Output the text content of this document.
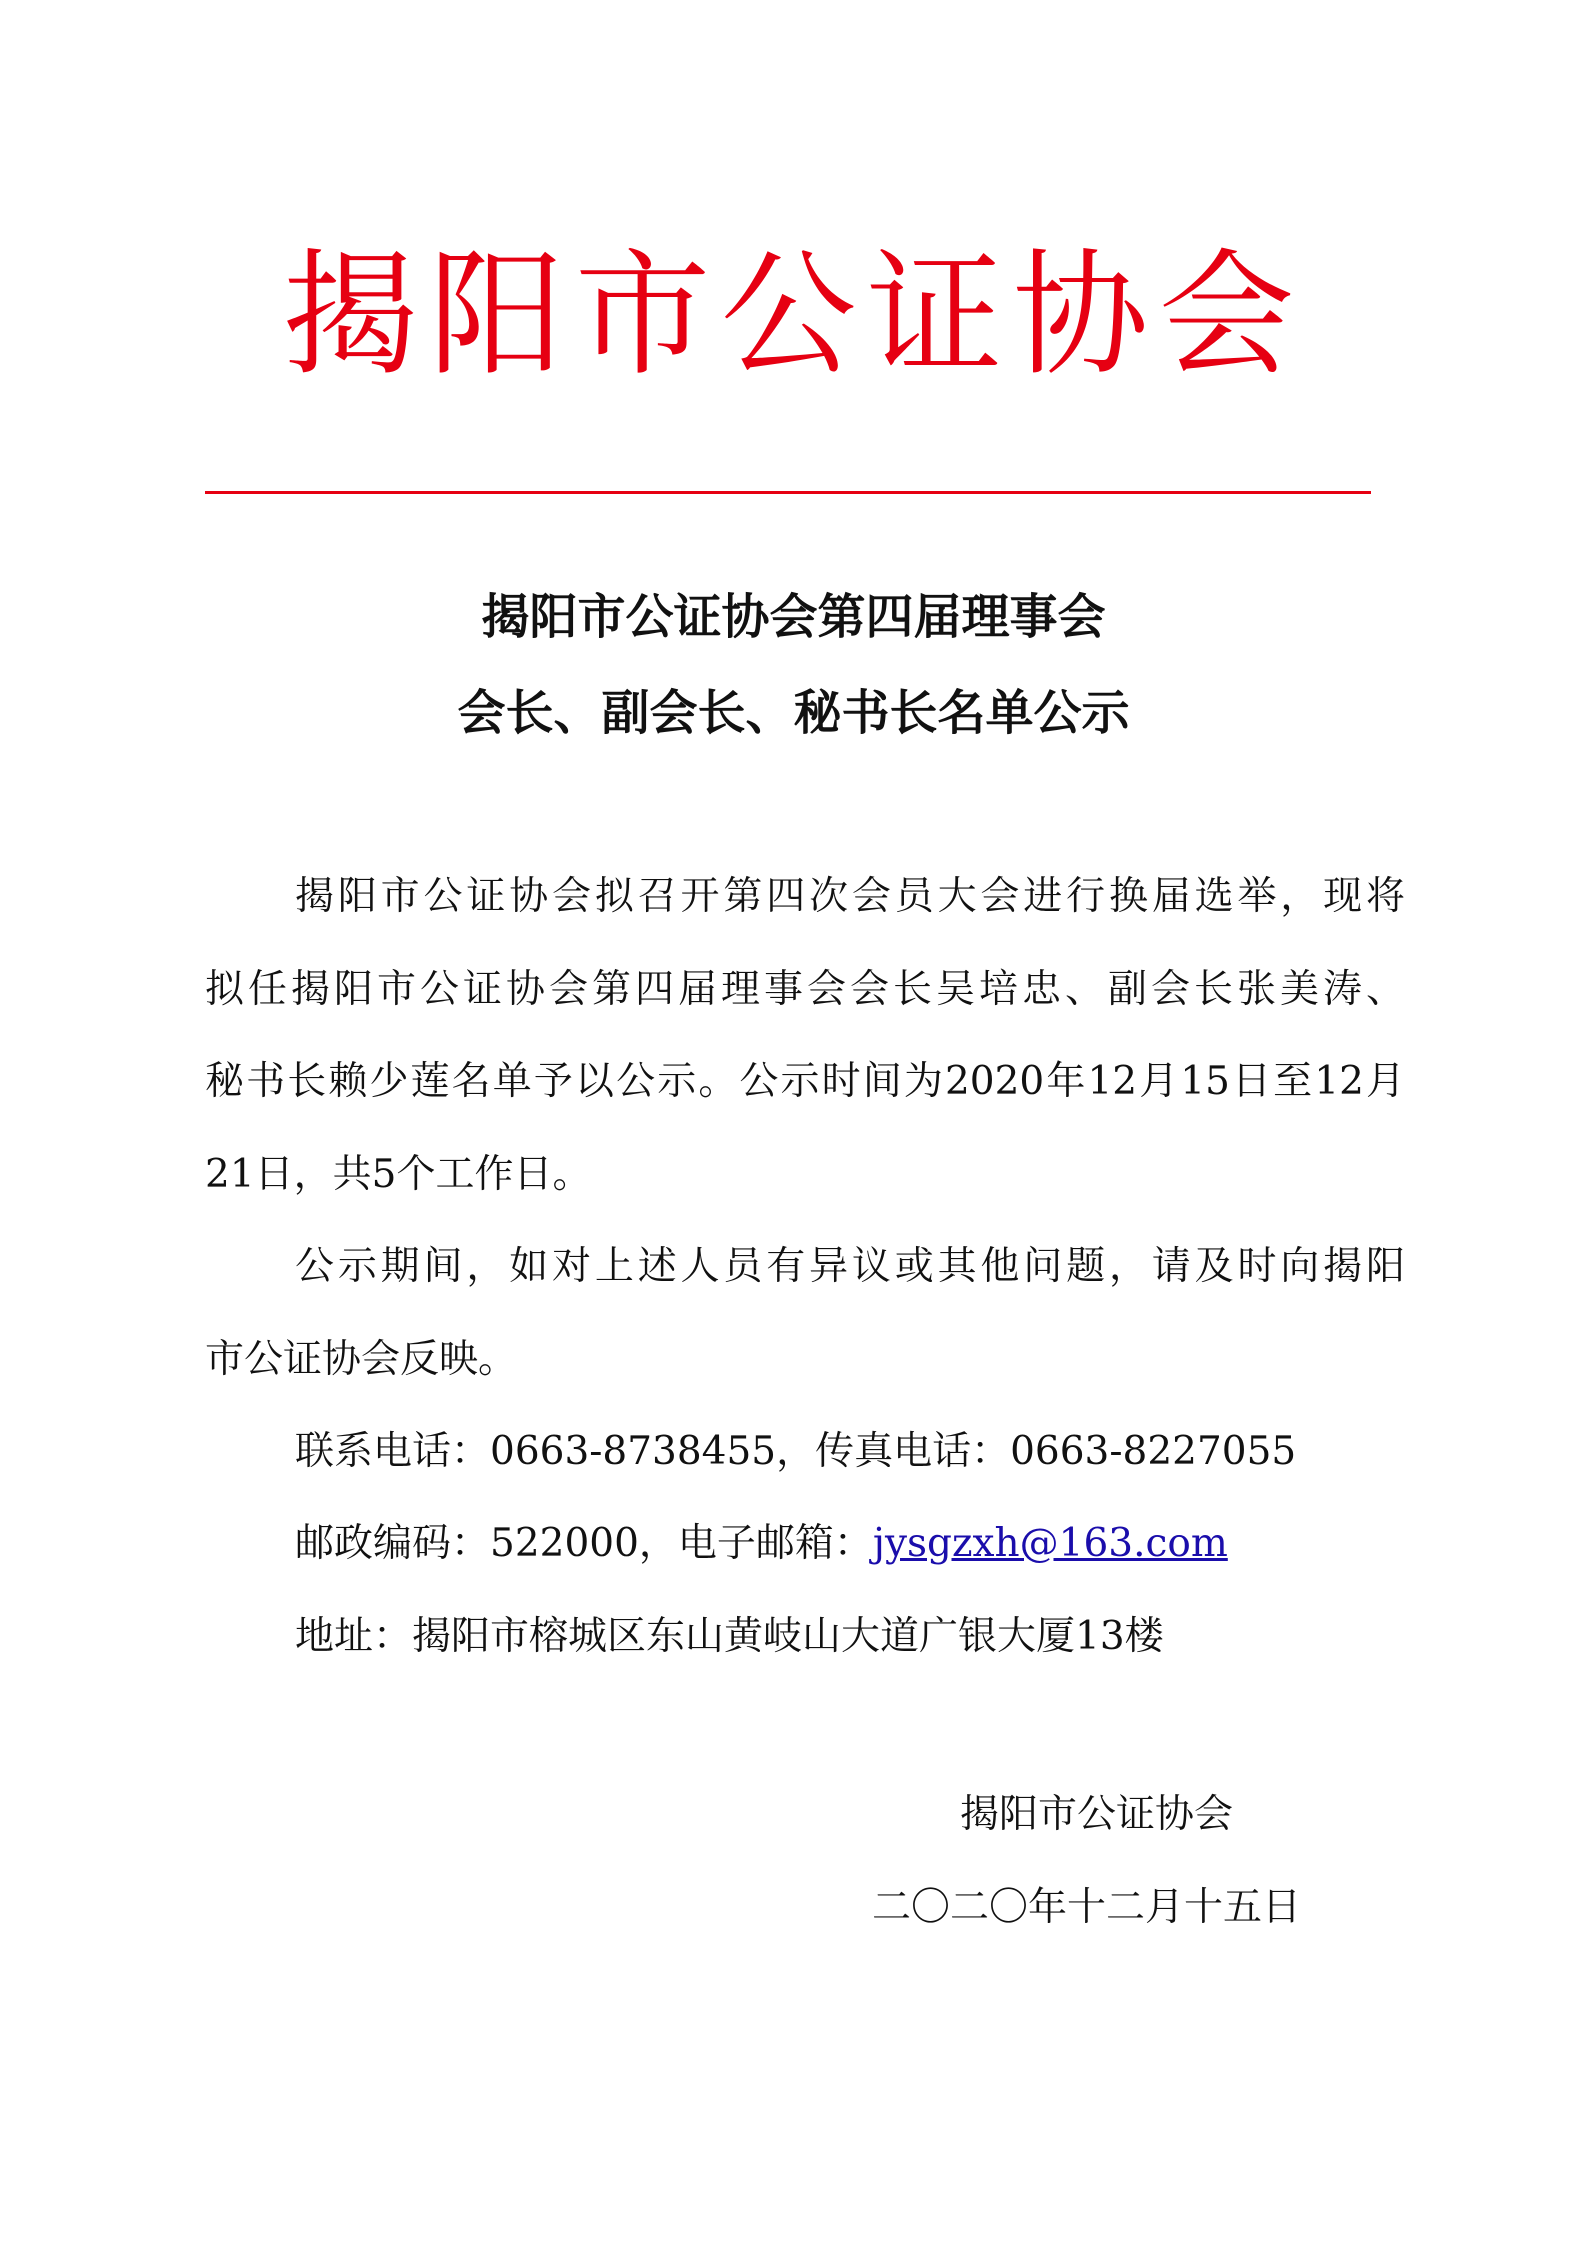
揭阳市公证协会
揭阳市公证协会第四届理事会
会长、副会长、秘书长名单公示
揭阳市公证协会拟召开第四次会员大会进行换届选举，现将
拟任揭阳市公证协会第四届理事会会长吴培忠、副会长张美涛、
秘书长赖少莲名单予以公示。公示时间为2020年12月15日至12月
21日，共5个工作日。
公示期间，如对上述人员有异议或其他问题，请及时向揭阳
市公证协会反映。
联系电话：0663-8738455，传真电话：0663-8227055
邮政编码：522000，电子邮箱：jysgzxh@163.com
地址：揭阳市榕城区东山黄岐山大道广银大厦13楼
揭阳市公证协会
二〇二〇年十二月十五日
